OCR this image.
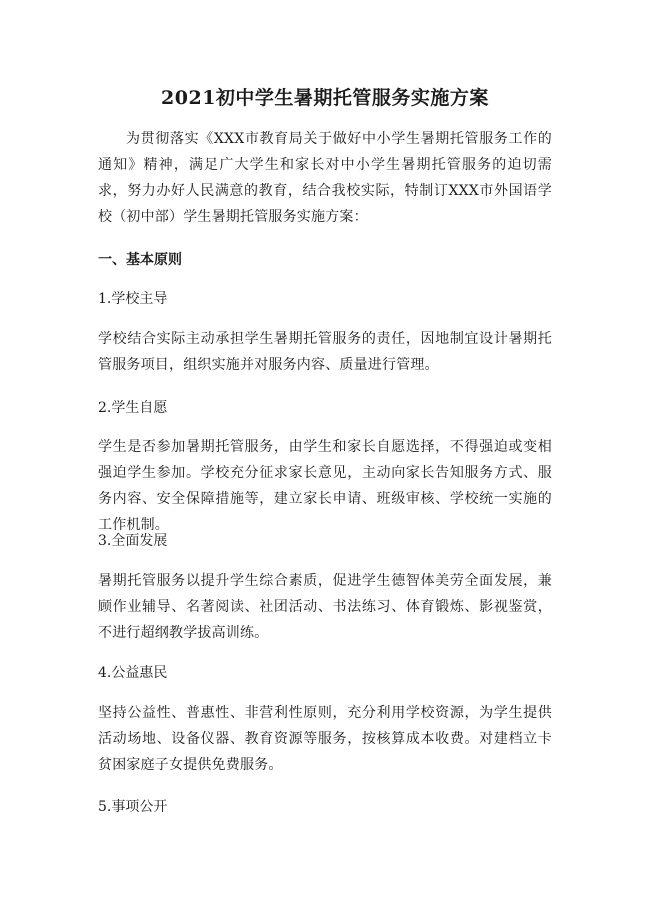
2021初中学生暑期托管服务实施方案
为贯彻落实《XXX市教育局关于做好中小学生暑期托管服务工作的通知》精神，满足广大学生和家长对中小学生暑期托管服务的迫切需求，努力办好人民满意的教育，结合我校实际，特制订XXX市外国语学校（初中部）学生暑期托管服务实施方案：
一、基本原则
1.学校主导
学校结合实际主动承担学生暑期托管服务的责任，因地制宜设计暑期托管服务项目，组织实施并对服务内容、质量进行管理。
2.学生自愿
学生是否参加暑期托管服务，由学生和家长自愿选择，不得强迫或变相强迫学生参加。学校充分征求家长意见，主动向家长告知服务方式、服务内容、安全保障措施等，建立家长申请、班级审核、学校统一实施的工作机制。
3.全面发展
暑期托管服务以提升学生综合素质，促进学生德智体美劳全面发展，兼顾作业辅导、名著阅读、社团活动、书法练习、体育锻炼、影视鉴赏，不进行超纲教学拔高训练。
4.公益惠民
坚持公益性、普惠性、非营利性原则，充分利用学校资源，为学生提供活动场地、设备仪器、教育资源等服务，按核算成本收费。对建档立卡贫困家庭子女提供免费服务。
5.事项公开
